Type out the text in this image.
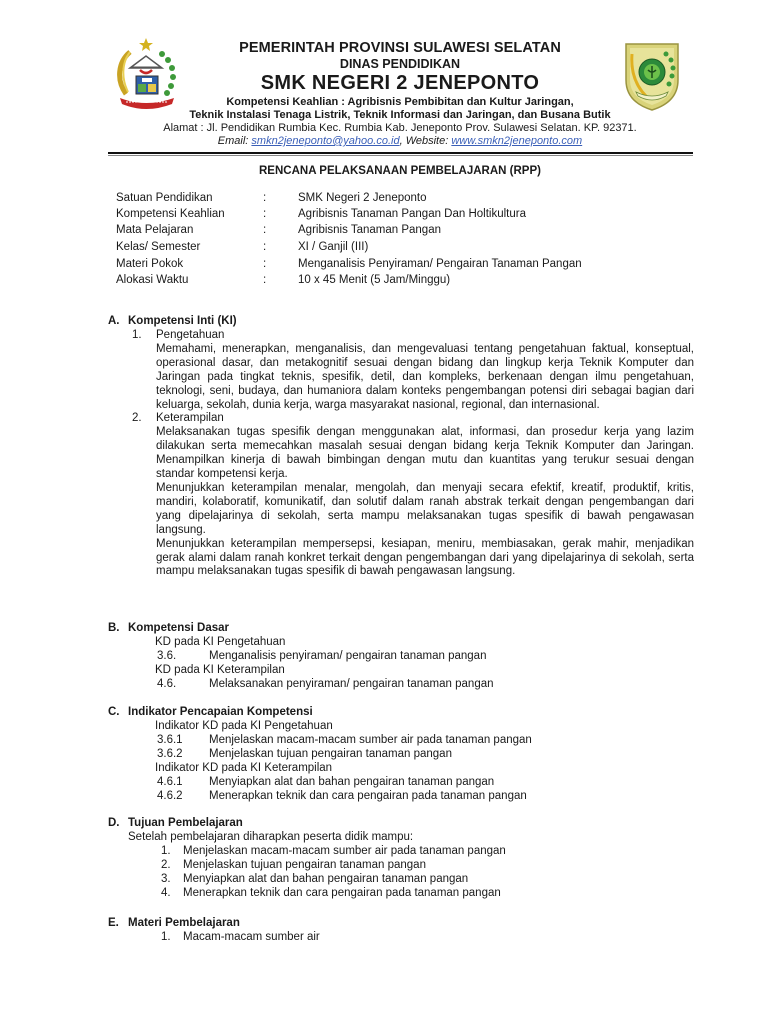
PEMERINTAH PROVINSI SULAWESI SELATAN
DINAS PENDIDIKAN
SMK NEGERI 2 JENEPONTO
Kompetensi Keahlian : Agribisnis Pembibitan dan Kultur Jaringan,
Teknik Instalasi Tenaga Listrik, Teknik Informasi dan Jaringan, dan Busana Butik
Alamat : Jl. Pendidikan Rumbia Kec. Rumbia Kab. Jeneponto Prov. Sulawesi Selatan. KP. 92371.
Email: smkn2jeneponto@yahoo.co.id, Website: www.smkn2jeneponto.com
RENCANA PELAKSANAAN PEMBELAJARAN (RPP)
Satuan Pendidikan	:	SMK Negeri 2 Jeneponto
Kompetensi Keahlian	:	Agribisnis Tanaman Pangan Dan Holtikultura
Mata Pelajaran	:	Agribisnis Tanaman Pangan
Kelas/ Semester	:	XI / Ganjil (III)
Materi Pokok	:	Menganalisis Penyiraman/ Pengairan Tanaman Pangan
Alokasi Waktu	:	10 x 45 Menit (5 Jam/Minggu)
A. Kompetensi Inti (KI)
1. Pengetahuan
Memahami, menerapkan, menganalisis, dan mengevaluasi tentang pengetahuan faktual, konseptual, operasional dasar, dan metakognitif sesuai dengan bidang dan lingkup kerja Teknik Komputer dan Jaringan pada tingkat teknis, spesifik, detil, dan kompleks, berkenaan dengan ilmu pengetahuan, teknologi, seni, budaya, dan humaniora dalam konteks pengembangan potensi diri sebagai bagian dari keluarga, sekolah, dunia kerja, warga masyarakat nasional, regional, dan internasional.
2. Keterampilan
Melaksanakan tugas spesifik dengan menggunakan alat, informasi, dan prosedur kerja yang lazim dilakukan serta memecahkan masalah sesuai dengan bidang kerja Teknik Komputer dan Jaringan. Menampilkan kinerja di bawah bimbingan dengan mutu dan kuantitas yang terukur sesuai dengan standar kompetensi kerja.
Menunjukkan keterampilan menalar, mengolah, dan menyaji secara efektif, kreatif, produktif, kritis, mandiri, kolaboratif, komunikatif, dan solutif dalam ranah abstrak terkait dengan pengembangan dari yang dipelajarinya di sekolah, serta mampu melaksanakan tugas spesifik di bawah pengawasan langsung.
Menunjukkan keterampilan mempersepsi, kesiapan, meniru, membiasakan, gerak mahir, menjadikan gerak alami dalam ranah konkret terkait dengan pengembangan dari yang dipelajarinya di sekolah, serta mampu melaksanakan tugas spesifik di bawah pengawasan langsung.
B. Kompetensi Dasar
KD pada KI Pengetahuan
3.6.	Menganalisis penyiraman/ pengairan tanaman pangan
KD pada KI Keterampilan
4.6.	Melaksanakan penyiraman/ pengairan tanaman pangan
C. Indikator Pencapaian Kompetensi
Indikator KD pada KI Pengetahuan
3.6.1 Menjelaskan macam-macam sumber air pada tanaman pangan
3.6.2 Menjelaskan tujuan pengairan tanaman pangan
Indikator KD pada KI Keterampilan
4.6.1 Menyiapkan alat dan bahan pengairan tanaman pangan
4.6.2 Menerapkan teknik dan cara pengairan pada tanaman pangan
D. Tujuan Pembelajaran
Setelah pembelajaran diharapkan peserta didik mampu:
1. Menjelaskan macam-macam sumber air pada tanaman pangan
2. Menjelaskan tujuan pengairan tanaman pangan
3. Menyiapkan alat dan bahan pengairan tanaman pangan
4. Menerapkan teknik dan cara pengairan pada tanaman pangan
E. Materi Pembelajaran
1. Macam-macam sumber air
